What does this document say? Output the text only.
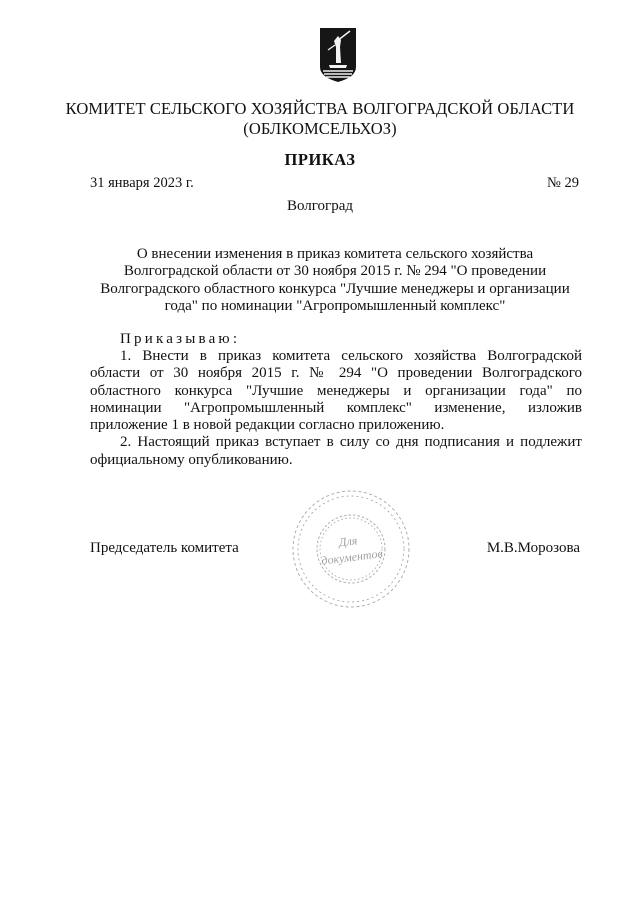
КОМИТЕТ СЕЛЬСКОГО ХОЗЯЙСТВА ВОЛГОГРАДСКОЙ ОБЛАСТИ
(ОБЛКОМСЕЛЬХОЗ)
ПРИКАЗ
31 января 2023 г.	№ 29
Волгоград
О внесении изменения в приказ комитета сельского хозяйства Волгоградской области от 30 ноября 2015 г. № 294 "О проведении Волгоградского областного конкурса "Лучшие менеджеры и организации года" по номинации "Агропромышленный комплекс"
Приказываю:

1. Внести в приказ комитета сельского хозяйства Волгоградской области от 30 ноября 2015 г. № 294 "О проведении Волгоградского областного конкурса "Лучшие менеджеры и организации года" по номинации "Агропромышленный комплекс" изменение, изложив приложение 1 в новой редакции согласно приложению.

2. Настоящий приказ вступает в силу со дня подписания и подлежит официальному опубликованию.

Для
документов
Председатель комитета	М.В.Морозова
